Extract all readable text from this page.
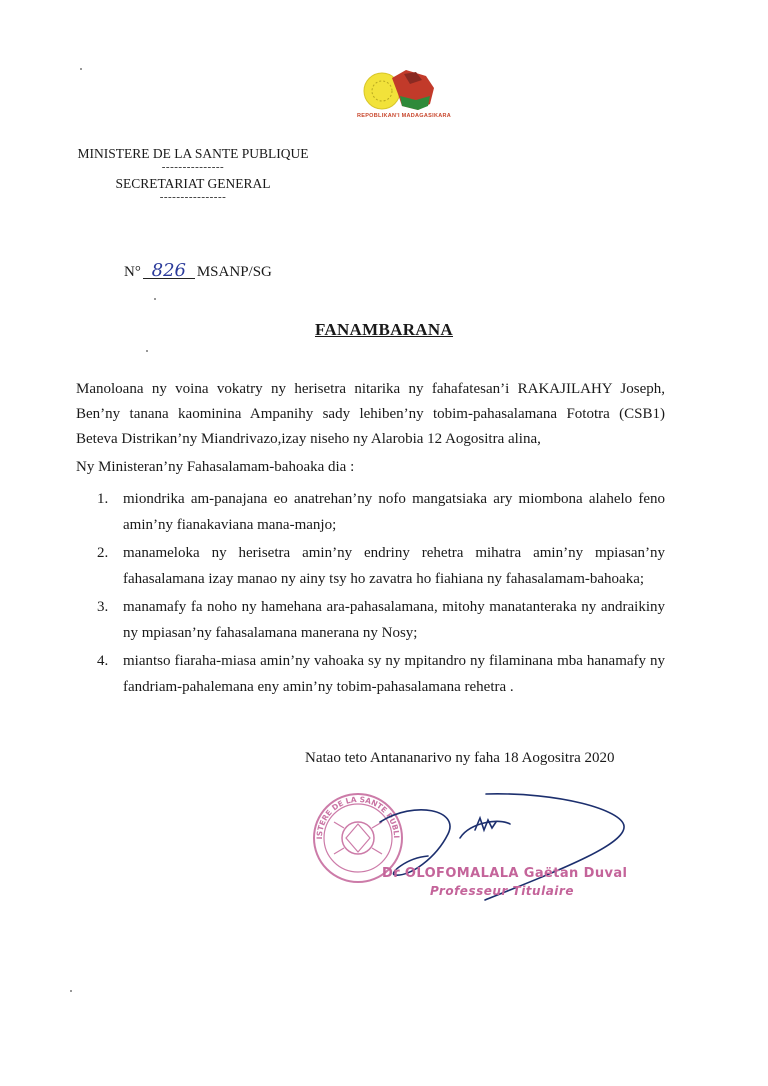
REPOBLIKAN'I MADAGASIKARA
MINISTERE DE LA SANTE PUBLIQUE
---------------
SECRETARIAT GENERAL
----------------
N° 826 MSANP/SG
FANAMBARANA

Manoloana ny voina vokatry ny herisetra nitarika ny fahafatesan’i RAKAJILAHY Joseph, Ben’ny tanana kaominina Ampanihy sady lehiben’ny tobim-pahasalamana Fototra (CSB1) Beteva Distrikan’ny Miandrivazo,izay niseho ny Alarobia 12 Aogositra alina,

Ny Ministeran’ny Fahasalamam-bahoaka dia :
1. miondrika am-panajana eo anatrehan’ny nofo mangatsiaka ary miombona alahelo feno amin’ny fianakaviana mana-manjo;
2. manameloka ny herisetra amin’ny endriny rehetra mihatra amin’ny mpiasan’ny fahasalamana izay manao ny ainy tsy ho zavatra ho fiahiana ny fahasalamam-bahoaka;
3. manamafy fa noho ny hamehana ara-pahasalamana, mitohy manatanteraka ny andraikiny ny mpiasan’ny fahasalamana manerana ny Nosy;
4. miantso fiaraha-miasa amin’ny vahoaka sy ny mpitandro ny filaminana mba hanamafy ny fandriam-pahalemana eny amin’ny tobim-pahasalamana rehetra .
Natao teto Antananarivo ny faha 18 Aogositra 2020
ISTERE DE LA SANTE PUBLI
Dr OLOFOMALALA Gaëtan Duval
Professeur Titulaire
